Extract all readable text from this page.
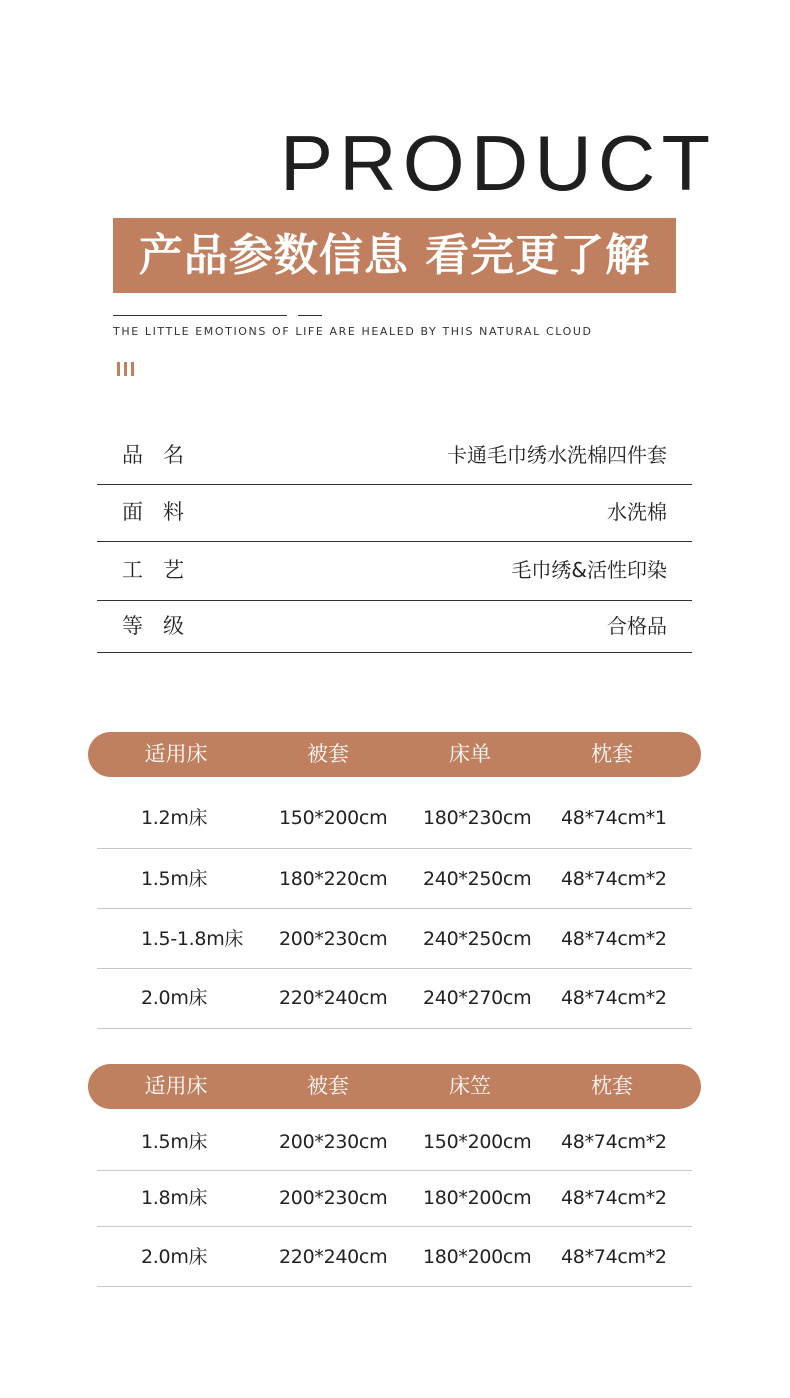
PRODUCT
产品参数信息 看完更了解
THE LITTLE EMOTIONS OF LIFE ARE HEALED BY THIS NATURAL CLOUD
品名	卡通毛巾绣水洗棉四件套
面料	水洗棉
工艺	毛巾绣&活性印染
等级	合格品
适用床	被套	床单	枕套
1.2m床	150*200cm 180*230cm 48*74cm*1
1.5m床	180*220cm 240*250cm 48*74cm*2
1.5-1.8m床 200*230cm 240*250cm 48*74cm*2
2.0m床	220*240cm 240*270cm 48*74cm*2
适用床	被套	床笠	枕套
1.5m床	200*230cm 150*200cm 48*74cm*2
1.8m床	200*230cm 180*200cm 48*74cm*2
2.0m床	220*240cm 180*200cm 48*74cm*2
